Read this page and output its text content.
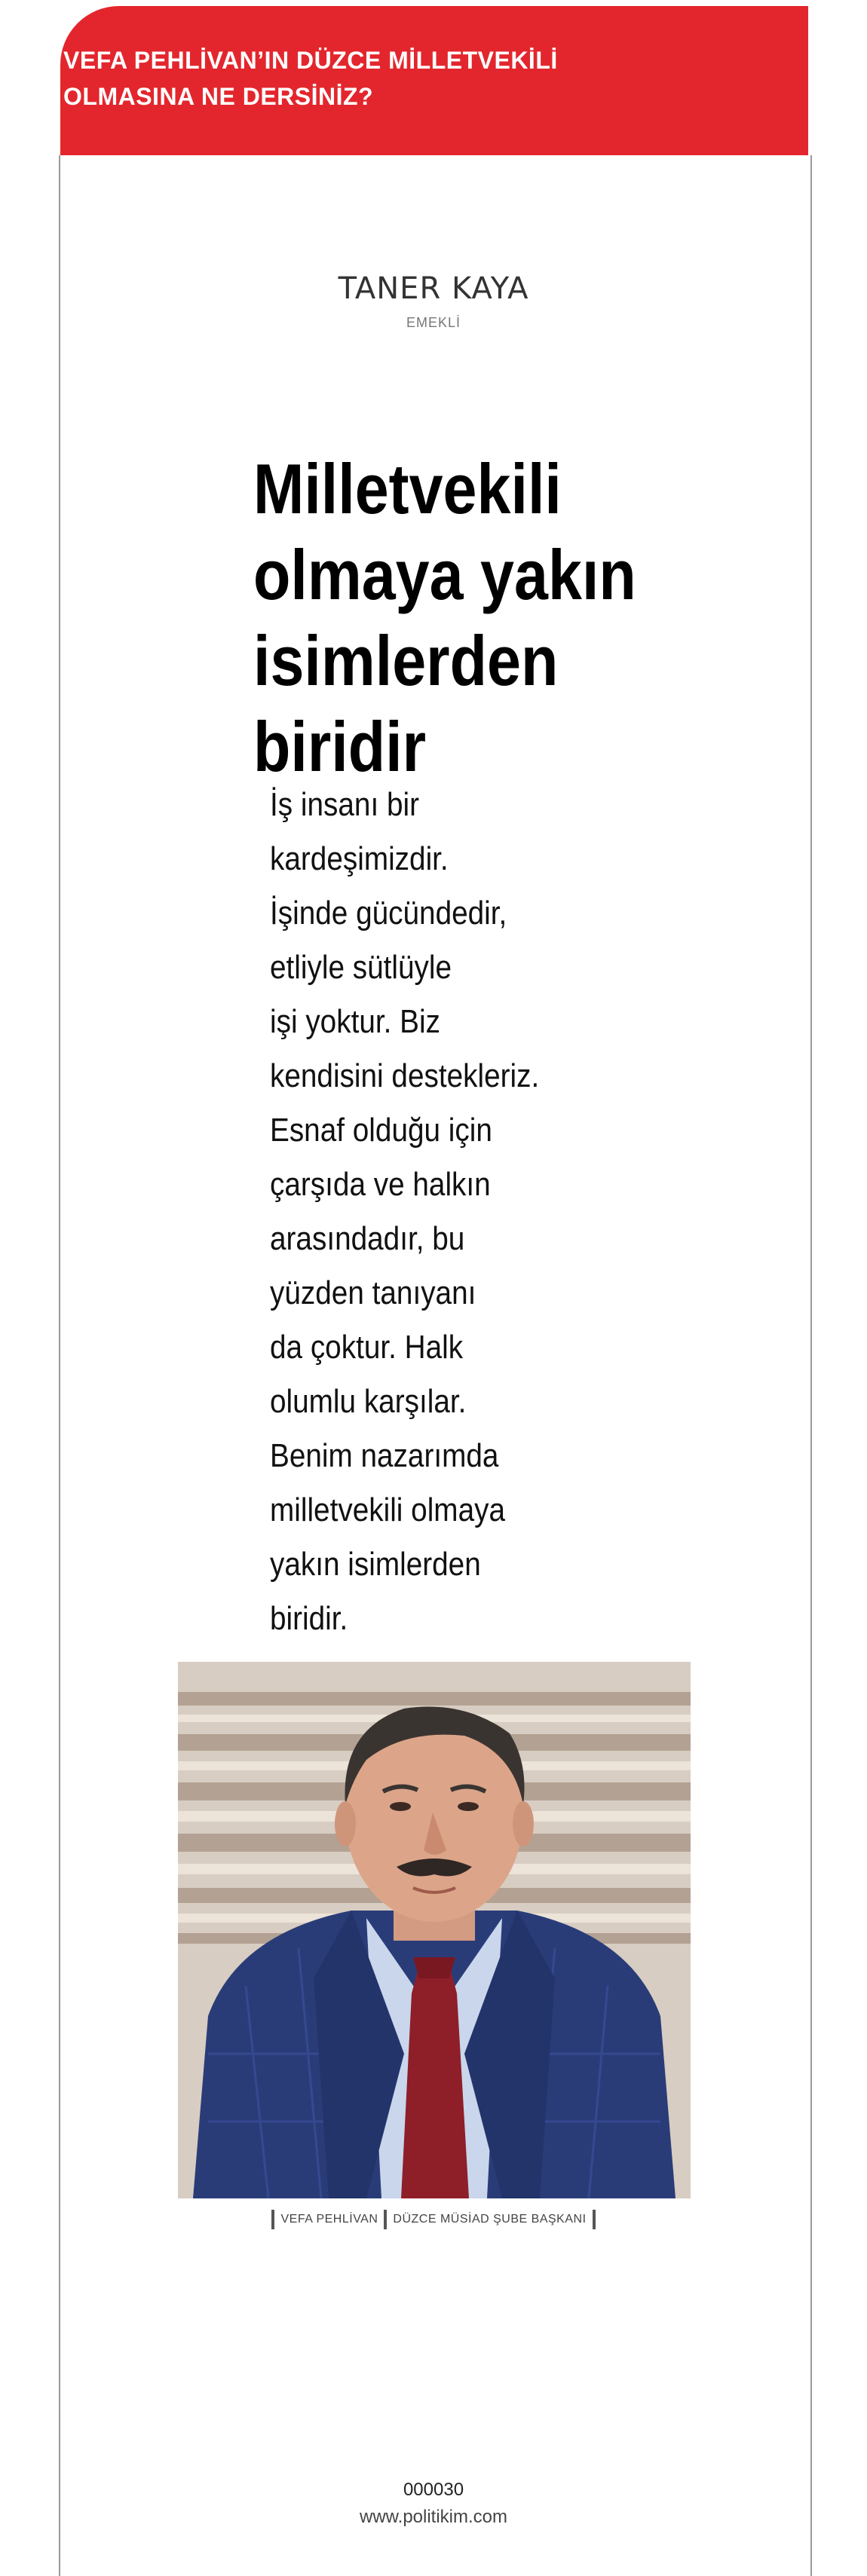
VEFA PEHLİVAN’IN DÜZCE MİLLETVEKİLİ
OLMASINA NE DERSİNİZ?
TANER KAYA
EMEKLİ
Milletvekili olmaya yakın isimlerden biridir

İş insanı bir
kardeşimizdir.
İşinde gücündedir,
etliyle sütlüyle
işi yoktur. Biz
kendisini destekleriz.
Esnaf olduğu için
çarşıda ve halkın
arasındadır, bu
yüzden tanıyanı
da çoktur. Halk
olumlu karşılar.
Benim nazarımda
milletvekili olmaya
yakın isimlerden
biridir.

VEFA PEHLİVAN DÜZCE MÜSİAD ŞUBE BAŞKANI
000030
www.politikim.com
